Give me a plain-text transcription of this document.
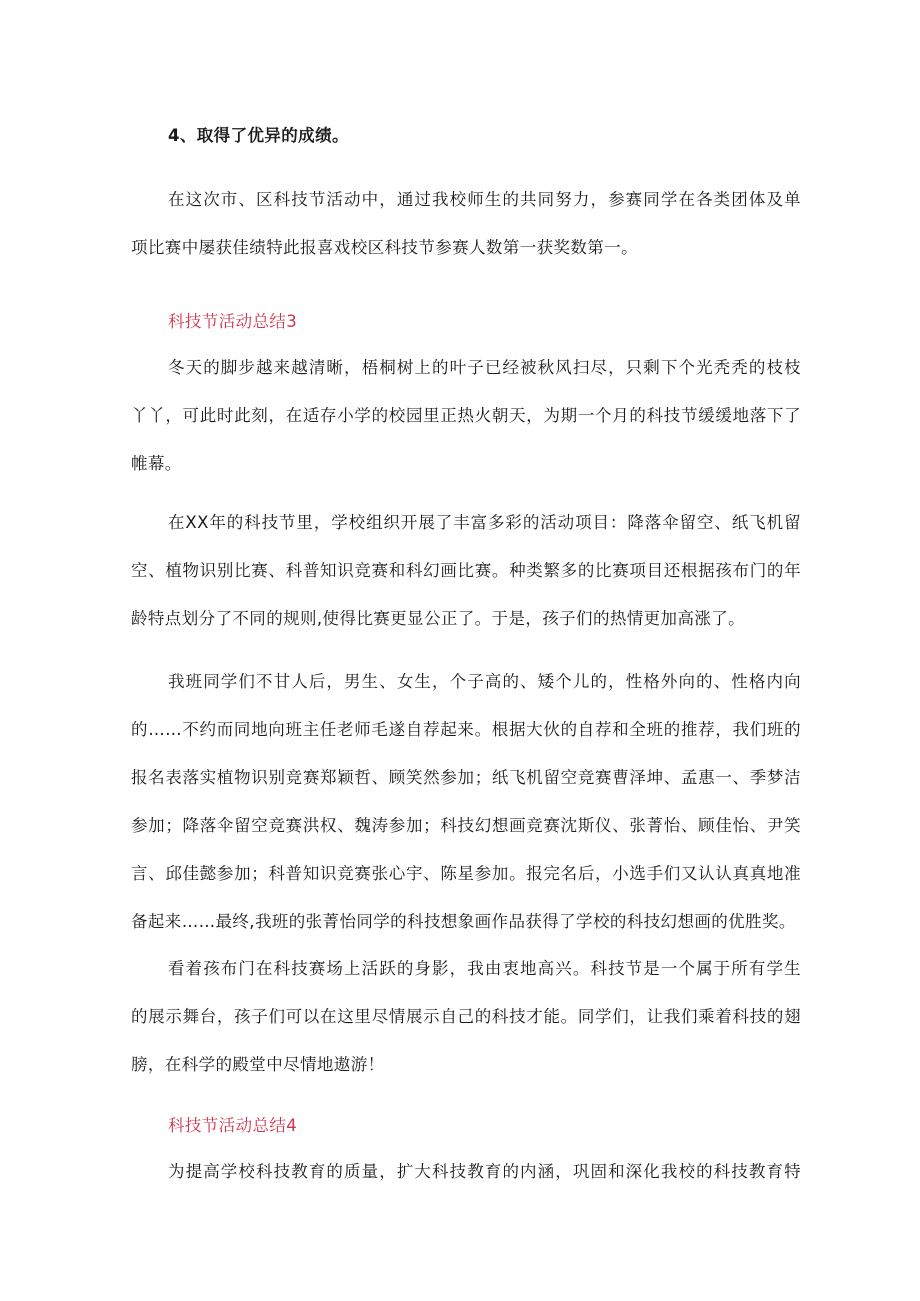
4、取得了优异的成绩。
在这次市、区科技节活动中，通过我校师生的共同努力，参赛同学在各类团体及单
项比赛中屡获佳绩特此报喜戏校区科技节参赛人数第一获奖数第一。
科技节活动总结3
冬天的脚步越来越清晰，梧桐树上的叶子已经被秋风扫尽，只剩下个光秃秃的枝枝
丫丫，可此时此刻，在适存小学的校园里正热火朝天，为期一个月的科技节缓缓地落下了
帷幕。
在XX年的科技节里，学校组织开展了丰富多彩的活动项目：降落伞留空、纸飞机留
空、植物识别比赛、科普知识竞赛和科幻画比赛。种类繁多的比赛项目还根据孩布门的年
龄特点划分了不同的规则,使得比赛更显公正了。于是，孩子们的热情更加高涨了。
我班同学们不甘人后，男生、女生，个子高的、矮个儿的，性格外向的、性格内向
的……不约而同地向班主任老师毛遂自荐起来。根据大伙的自荐和全班的推荐，我们班的
报名表落实植物识别竞赛郑颖哲、顾笑然参加；纸飞机留空竞赛曹泽坤、孟惠一、季梦洁
参加；降落伞留空竞赛洪权、魏涛参加；科技幻想画竞赛沈斯仪、张菁怡、顾佳怡、尹笑
言、邱佳懿参加；科普知识竞赛张心宇、陈星参加。报完名后，小选手们又认认真真地准
备起来……最终,我班的张菁怡同学的科技想象画作品获得了学校的科技幻想画的优胜奖。
看着孩布门在科技赛场上活跃的身影，我由衷地高兴。科技节是一个属于所有学生
的展示舞台，孩子们可以在这里尽情展示自己的科技才能。同学们，让我们乘着科技的翅
膀，在科学的殿堂中尽情地遨游！
科技节活动总结4
为提高学校科技教育的质量，扩大科技教育的内涵，巩固和深化我校的科技教育特
